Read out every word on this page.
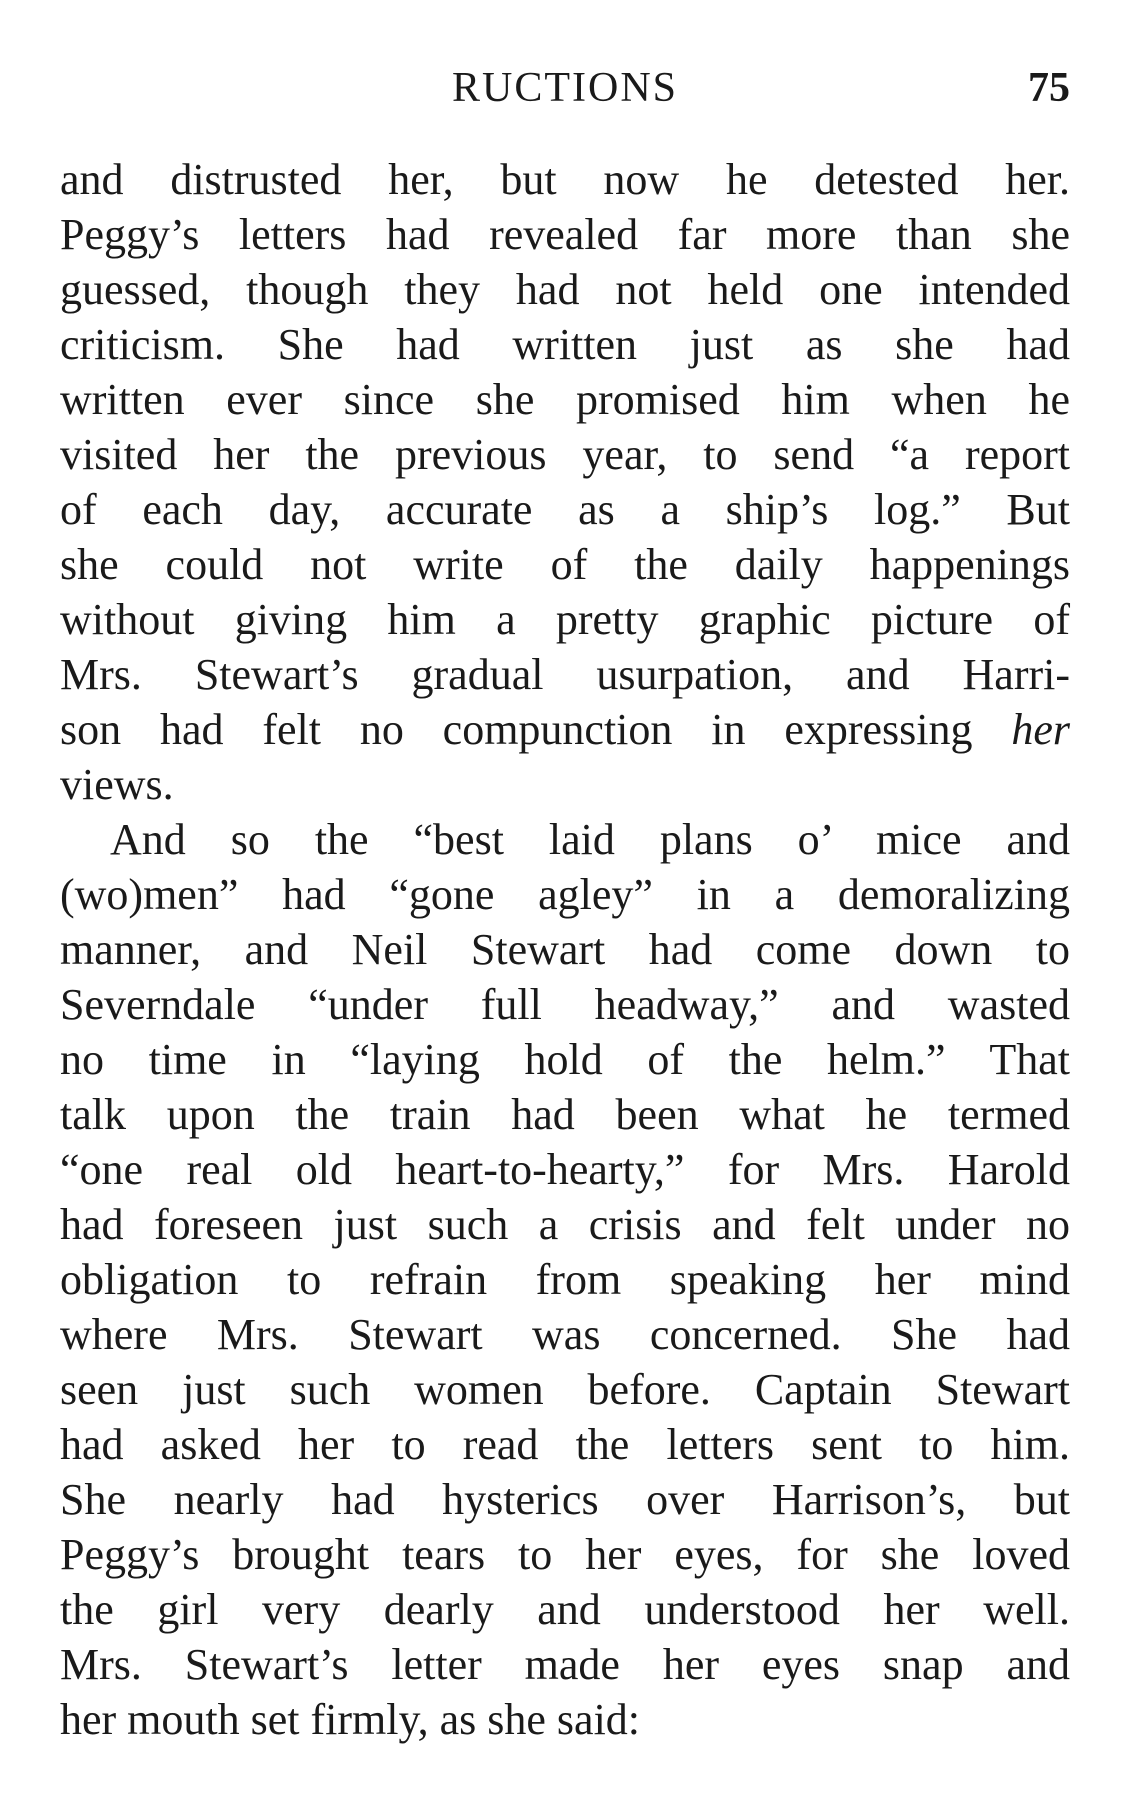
RUCTIONS	75
and distrusted her, but now he detested her.
Peggy’s letters had revealed far more than she
guessed, though they had not held one intended
criticism. She had written just as she had
written ever since she promised him when he
visited her the previous year, to send “a report
of each day, accurate as a ship’s log.” But
she could not write of the daily happenings
without giving him a pretty graphic picture of
Mrs. Stewart’s gradual usurpation, and Harri-
son had felt no compunction in expressing her
views.
And so the “best laid plans o’ mice and
(wo)men” had “gone agley” in a demoralizing
manner, and Neil Stewart had come down to
Severndale “under full headway,” and wasted
no time in “laying hold of the helm.” That
talk upon the train had been what he termed
“one real old heart-to-hearty,” for Mrs. Harold
had foreseen just such a crisis and felt under no
obligation to refrain from speaking her mind
where Mrs. Stewart was concerned. She had
seen just such women before. Captain Stewart
had asked her to read the letters sent to him.
She nearly had hysterics over Harrison’s, but
Peggy’s brought tears to her eyes, for she loved
the girl very dearly and understood her well.
Mrs. Stewart’s letter made her eyes snap and
her mouth set firmly, as she said:
